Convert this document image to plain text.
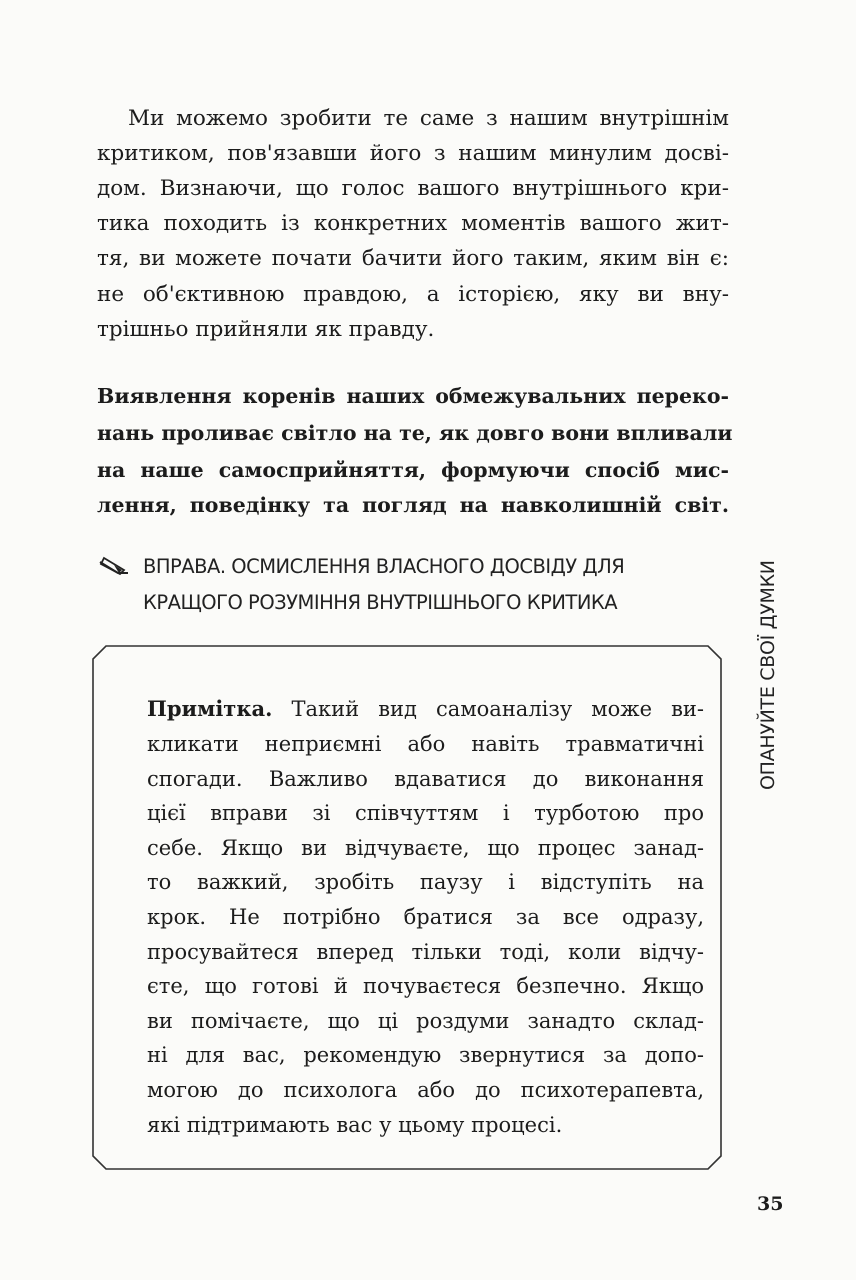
Ми можемо зробити те саме з нашим внутрішнім
критиком, пов'язавши його з нашим минулим досві-
дом. Визнаючи, що голос вашого внутрішнього кри-
тика походить із конкретних моментів вашого жит-
тя, ви можете почати бачити його таким, яким він є:
не об'єктивною правдою, а історією, яку ви вну-
трішньо прийняли як правду.
Виявлення коренів наших обмежувальних переко-
нань проливає світло на те, як довго вони впливали
на наше самосприйняття, формуючи спосіб мис-
лення, поведінку та погляд на навколишній світ.
ВПРАВА. ОСМИСЛЕННЯ ВЛАСНОГО ДОСВІДУ ДЛЯ
КРАЩОГО РОЗУМІННЯ ВНУТРІШНЬОГО КРИТИКА
Примітка. Такий вид самоаналізу може ви-
кликати неприємні або навіть травматичні
спогади. Важливо вдаватися до виконання
цієї вправи зі співчуттям і турботою про
себе. Якщо ви відчуваєте, що процес занад-
то важкий, зробіть паузу і відступіть на
крок. Не потрібно братися за все одразу,
просувайтеся вперед тільки тоді, коли відчу-
єте, що готові й почуваєтеся безпечно. Якщо
ви помічаєте, що ці роздуми занадто склад-
ні для вас, рекомендую звернутися за допо-
могою до психолога або до психотерапевта,
які підтримають вас у цьому процесі.
ОПАНУЙТЕ СВОЇ ДУМКИ
35
